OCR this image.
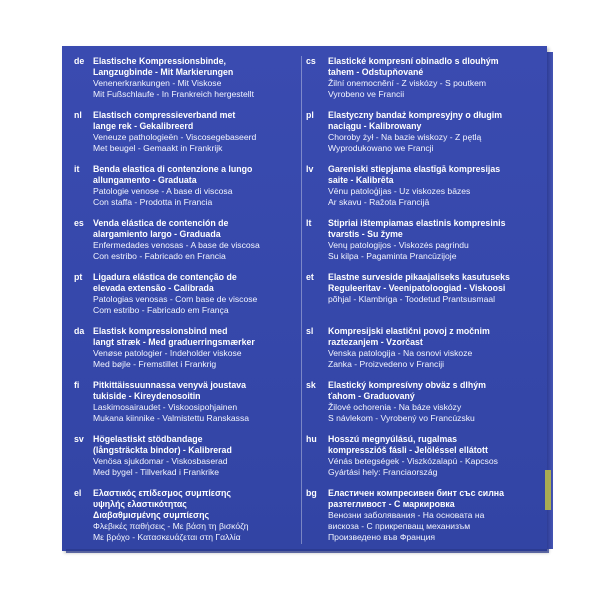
de Elastische Kompressionsbinde,
Langzugbinde - Mit Markierungen
Venenerkrankungen - Mit Viskose
Mit Fußschlaufe - In Frankreich hergestellt
nl	Elastisch compressieverband met
lange rek - Gekalibreerd
Veneuze pathologieën - Viscosegebaseerd
Met beugel - Gemaakt in Frankrijk
it	Benda elastica di contenzione a lungo
allungamento - Graduata
Patologie venose - A base di viscosa
Con staffa - Prodotta in Francia
es	Venda elástica de contención de
alargamiento largo - Graduada
Enfermedades venosas - A base de viscosa
Con estribo - Fabricado en Francia
pt	Ligadura elástica de contenção de
elevada extensão - Calibrada
Patologias venosas - Com base de viscose
Com estribo - Fabricado em França
da Elastisk kompressionsbind med
langt stræk - Med graduerringsmærker
Venøse patologier - Indeholder viskose
Med bøjle - Fremstillet i Frankrig
fi	Pitkittäissuunnassa venyvä joustava
tukiside - Kireydenosoitin
Laskimosairaudet - Viskoosipohjainen
Mukana kiinnike - Valmistettu Ranskassa
sv	Högelastiskt stödbandage
(långsträckta bindor) - Kalibrerad
Venösa sjukdomar - Viskosbaserad
Med bygel - Tillverkad i Frankrike
el	Ελαστικός επίδεσμος συμπίεσης
υψηλής ελαστικότητας
Διαβαθμισμένης συμπίεσης
Φλεβικές παθήσεις - Με βάση τη βισκόζη
Με βρόχο - Κατασκευάζεται στη Γαλλία
cs	Elastické kompresní obinadlo s dlouhým
tahem - Odstupňované
Žilní onemocnění - Z viskózy - S poutkem
Vyrobeno ve Francii
pl	Elastyczny bandaż kompresyjny o długim
naciągu - Kalibrowany
Choroby żył - Na bazie wiskozy - Z pętlą
Wyprodukowano we Francji
lv	Gareniski stiepjama elastīgā kompresijas
saite - Kalibrēta
Vēnu patoloģijas - Uz viskozes bāzes
Ar skavu - Ražota Francijā
lt	Stipriai ištempiamas elastinis kompresinis
tvarstis - Su žyme
Venų patologijos - Viskozės pagrindu
Su kilpa - Pagaminta Prancūzijoje
et	Elastne surveside pikaajaliseks kasutuseks
Reguleeritav - Veenipatoloogiad - Viskoosi
põhjal - Klambriga - Toodetud Prantsusmaal
sl	Kompresijski elastični povoj z močnim
raztezanjem - Vzorčast
Venska patologija - Na osnovi viskoze
Zanka - Proizvedeno v Franciji
sk	Elastický kompresívny obväz s dlhým
ťahom - Graduovaný
Žilové ochorenia - Na báze viskózy
S návlekom - Vyrobený vo Francúzsku
hu	Hosszú megnyúlású, rugalmas
kompresszióš fásli - Jelöléssel ellátott
Vénás betegségek - Viszkózalapú - Kapcsos
Gyártási hely: Franciaország
bg	Еластичен компресивен бинт със силна
разтегливост - С маркировка
Венозни заболявания - На основата на
вискоза - С прикрепващ механизъм
Произведено във Франция
